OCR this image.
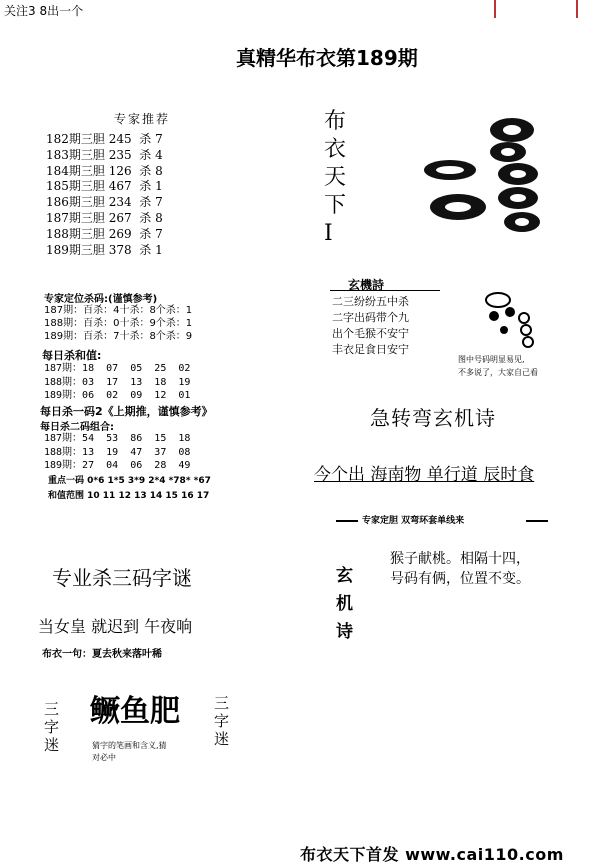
关注3 8出一个
真精华布衣第189期
专家推荐
182期三胆 245  杀 7
183期三胆 235  杀 4
184期三胆 126  杀 8
185期三胆 467  杀 1
186期三胆 234  杀 7
187期三胆 267  杀 8
188期三胆 269  杀 7
189期三胆 378  杀 1
专家定位杀码:(谨慎参考)
187期：百杀：4十杀：8个杀：1
188期：百杀：0十杀：9个杀：1
189期：百杀：7十杀：8个杀：9
每日杀和值:
187期：18  07  05  25  02
188期：03  17  13  18  19
189期：06  02  09  12  01
每日杀一码2《上期推，谨慎参考》
每日杀二码组合:
187期：54  53  86  15  18
188期：13  19  47  37  08
189期：27  04  06  28  49
重点一码 0*6 1*5 3*9 2*4 *78* *67
和值范围 10 11 12 13 14 15 16 17
专业杀三码字谜
当女皇 就迟到 午夜响
布衣一句：夏去秋来落叶稀
三字迷
鳜鱼肥 三字迷
猜字的笔画和含义,猜
对必中
布衣天下I
玄機詩
二三纷纷五中杀
二字出码带个九
出个毛猴不安宁
丰衣足食日安宁
图中号码明显易见,
不多说了，大家自己看
急转弯玄机诗
今个出 海南物 单行道 辰时食
专家定胆 双弯环套单线来
玄机诗
猴子献桃。相隔十四，
号码有俩，位置不变。
布衣天下首发 www.cai110.com
